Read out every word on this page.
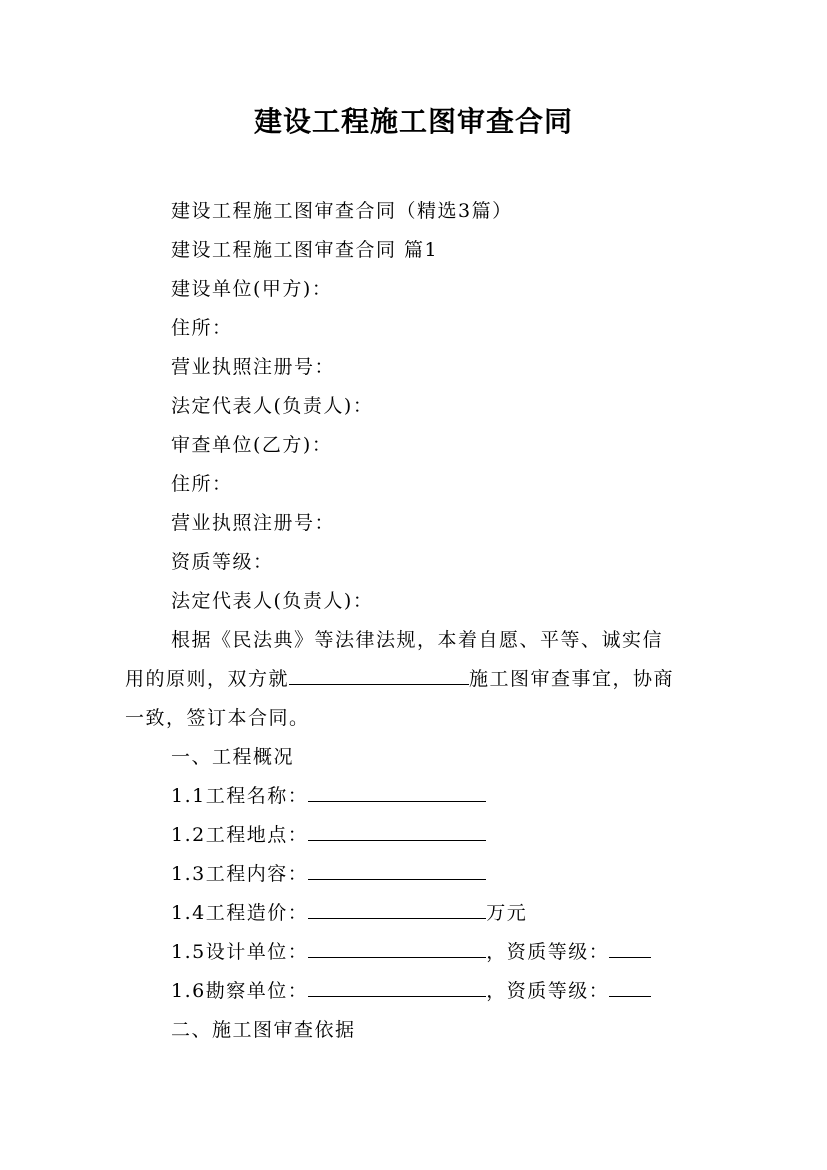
建设工程施工图审查合同
建设工程施工图审查合同（精选3篇）
建设工程施工图审查合同 篇1
建设单位(甲方)：
住所：
营业执照注册号：
法定代表人(负责人)：
审查单位(乙方)：
住所：
营业执照注册号：
资质等级：
法定代表人(负责人)：
根据《民法典》等法律法规，本着自愿、平等、诚实信
用的原则，双方就	施工图审查事宜，协商
一致，签订本合同。
一、工程概况
1.1工程名称：
1.2工程地点：
1.3工程内容：
1.4工程造价：	万元
1.5设计单位：	，资质等级：
1.6勘察单位：	，资质等级：
二、施工图审查依据
